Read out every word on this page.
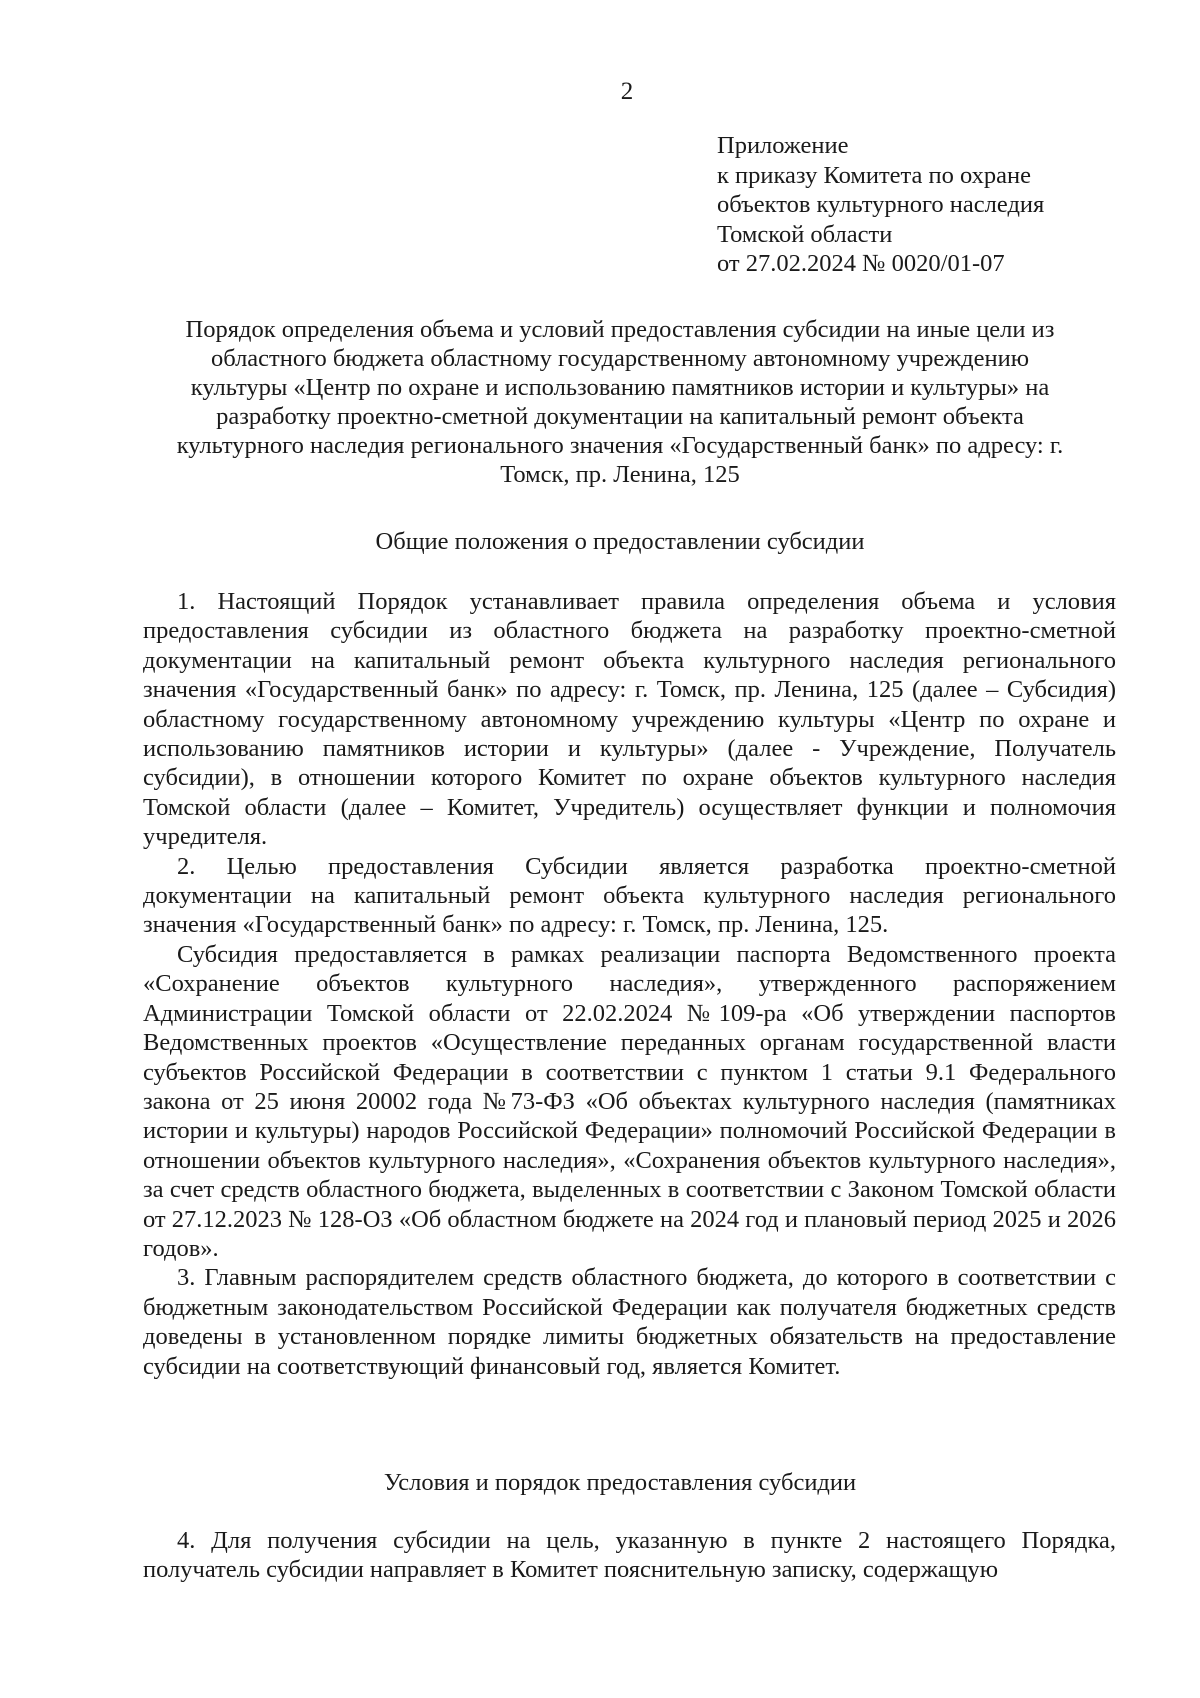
2
Приложение
к приказу Комитета по охране
объектов культурного наследия
Томской области
от 27.02.2024 № 0020/01-07
Порядок определения объема и условий предоставления субсидии на иные цели из
областного бюджета областному государственному автономному учреждению
культуры «Центр по охране и использованию памятников истории и культуры» на
разработку проектно-сметной документации на капитальный ремонт объекта
культурного наследия регионального значения «Государственный банк» по адресу: г.
Томск, пр. Ленина, 125
Общие положения о предоставлении субсидии

1. Настоящий Порядок устанавливает правила определения объема и условия предоставления субсидии из областного бюджета на разработку проектно-сметной документации на капитальный ремонт объекта культурного наследия регионального значения «Государственный банк» по адресу: г. Томск, пр. Ленина, 125 (далее – Субсидия) областному государственному автономному учреждению культуры «Центр по охране и использованию памятников истории и культуры» (далее - Учреждение, Получатель субсидии), в отношении которого Комитет по охране объектов культурного наследия Томской области (далее – Комитет, Учредитель) осуществляет функции и полномочия учредителя.

2. Целью предоставления Субсидии является разработка проектно-сметной документации на капитальный ремонт объекта культурного наследия регионального значения «Государственный банк» по адресу: г. Томск, пр. Ленина, 125.

Субсидия предоставляется в рамках реализации паспорта Ведомственного проекта «Сохранение объектов культурного наследия», утвержденного распоряжением Администрации Томской области от 22.02.2024 №109-ра «Об утверждении паспортов Ведомственных проектов «Осуществление переданных органам государственной власти субъектов Российской Федерации в соответствии с пунктом 1 статьи 9.1 Федерального закона от 25 июня 20002 года №73-ФЗ «Об объектах культурного наследия (памятниках истории и культуры) народов Российской Федерации» полномочий Российской Федерации в отношении объектов культурного наследия», «Сохранения объектов культурного наследия», за счет средств областного бюджета, выделенных в соответствии с Законом Томской области от 27.12.2023 № 128-ОЗ «Об областном бюджете на 2024 год и плановый период 2025 и 2026 годов».

3. Главным распорядителем средств областного бюджета, до которого в соответствии с бюджетным законодательством Российской Федерации как получателя бюджетных средств доведены в установленном порядке лимиты бюджетных обязательств на предоставление субсидии на соответствующий финансовый год, является Комитет.

Условия и порядок предоставления субсидии

4. Для получения субсидии на цель, указанную в пункте 2 настоящего Порядка, получатель субсидии направляет в Комитет пояснительную записку, содержащую
